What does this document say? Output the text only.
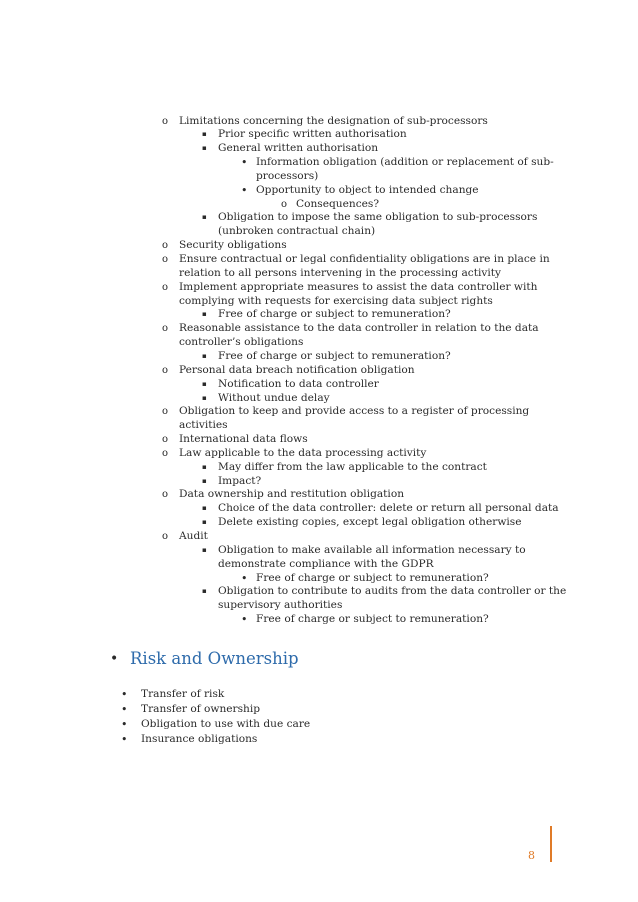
o Limitations concerning the designation of sub-processors
▪ Prior specific written authorisation
▪ General written authorisation
• Information obligation (addition or replacement of sub-
processors)
• Opportunity to object to intended change
o Consequences?
▪ Obligation to impose the same obligation to sub-processors
(unbroken contractual chain)
o Security obligations
o Ensure contractual or legal confidentiality obligations are in place in
relation to all persons intervening in the processing activity
o Implement appropriate measures to assist the data controller with
complying with requests for exercising data subject rights
▪ Free of charge or subject to remuneration?
o Reasonable assistance to the data controller in relation to the data
controller’s obligations
▪ Free of charge or subject to remuneration?
o Personal data breach notification obligation
▪ Notification to data controller
▪ Without undue delay
o Obligation to keep and provide access to a register of processing
activities
o International data flows
o Law applicable to the data processing activity
▪ May differ from the law applicable to the contract
▪ Impact?
o Data ownership and restitution obligation
▪ Choice of the data controller: delete or return all personal data
▪ Delete existing copies, except legal obligation otherwise
o Audit
▪ Obligation to make available all information necessary to
demonstrate compliance with the GDPR
• Free of charge or subject to remuneration?
▪ Obligation to contribute to audits from the data controller or the
supervisory authorities
• Free of charge or subject to remuneration?
• Risk and Ownership
• Transfer of risk
• Transfer of ownership
• Obligation to use with due care
• Insurance obligations
8
